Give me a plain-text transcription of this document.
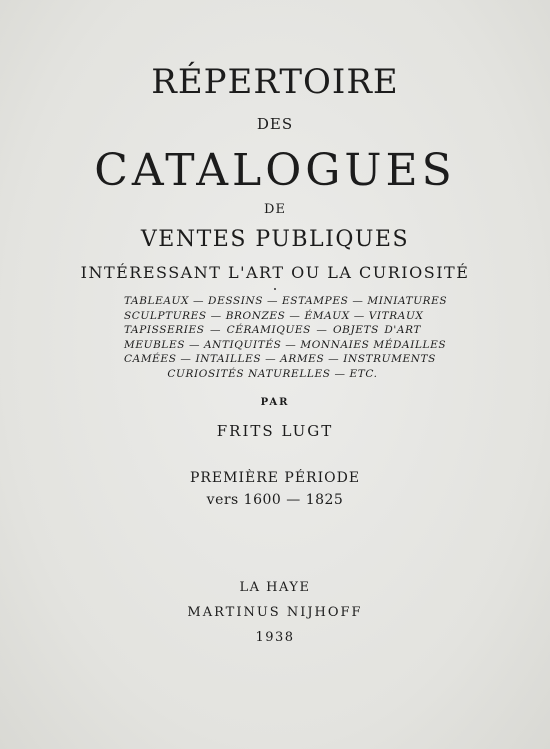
RÉPERTOIRE
DES
CATALOGUES
DE
VENTES PUBLIQUES
INTÉRESSANT L'ART OU LA CURIOSITÉ
TABLEAUX — DESSINS — ESTAMPES — MINIATURES
SCULPTURES — BRONZES — ÉMAUX — VITRAUX
TAPISSERIES — CÉRAMIQUES — OBJETS D'ART
MEUBLES — ANTIQUITÉS — MONNAIES MÉDAILLES
CAMÉES — INTAILLES — ARMES — INSTRUMENTS
CURIOSITÉS NATURELLES — ETC.
PAR
FRITS LUGT
PREMIÈRE PÉRIODE
vers 1600 — 1825
LA HAYE
MARTINUS NIJHOFF
1938
